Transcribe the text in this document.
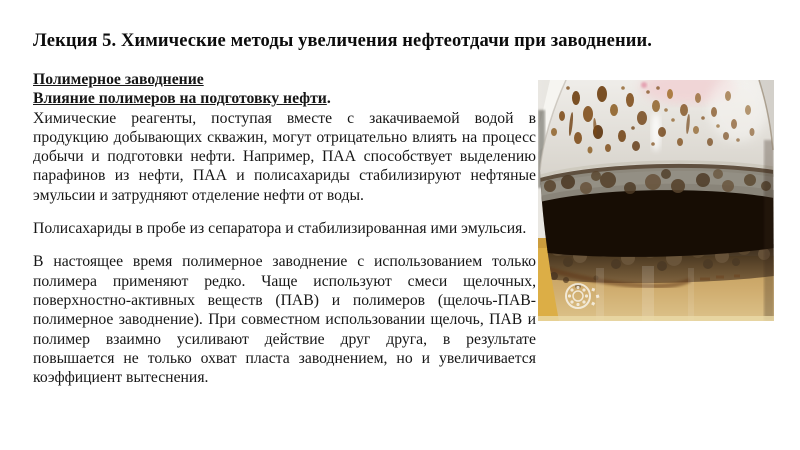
Лекция 5. Химические методы увеличения нефтеотдачи при заводнении.
Полимерное заводнение
Влияние полимеров на подготовку нефти.

Химические реагенты, поступая вместе с закачиваемой водой в продукцию добывающих скважин, могут отрицательно влиять на процесс добычи и подготовки нефти. Например, ПАА способствует выделению парафинов из нефти, ПАА и полисахариды стабилизируют нефтяные эмульсии и затрудняют отделение нефти от воды.

Полисахариды в пробе из сепаратора и стабилизированная ими эмульсия.

В настоящее время полимерное заводнение с использованием только полимера применяют редко. Чаще используют смеси щелочных, поверхностно-активных веществ (ПАВ) и полимеров (щелочь-ПАВ-полимерное заводнение). При совместном использовании щелочь, ПАВ и полимер взаимно усиливают действие друг друга, в результате повышается не только охват пласта заводнением, но и увеличивается коэффициент вытеснения.
